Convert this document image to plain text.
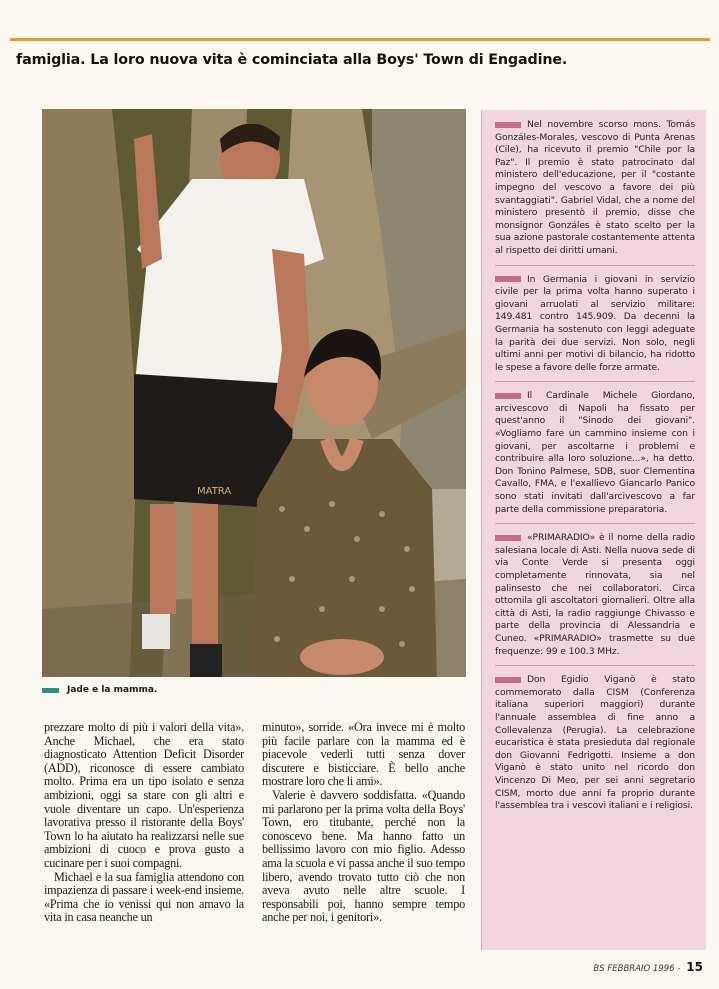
famiglia. La loro nuova vita è cominciata alla Boys' Town di Engadine.
MATRA
Jade e la mamma.

prezzare molto di più i valori della vita». Anche Michael, che era stato diagnosticato Attention Deficit Disorder (ADD), riconosce di essere cambiato molto. Prima era un tipo isolato e senza ambizioni, oggi sa stare con gli altri e vuole diventare un capo. Un'esperienza lavorativa presso il ristorante della Boys' Town lo ha aiutato ha realizzarsi nelle sue ambizioni di cuoco e prova gusto a cucinare per i suoi compagni.

Michael e la sua famiglia attendono con impazienza di passare i week-end insieme. «Prima che io venissi qui non amavo la vita in casa neanche un

minuto», sorride. «Ora invece mi è molto più facile parlare con la mamma ed è piacevole vederli tutti senza dover discutere e bisticciare. È bello anche mostrare loro che li ami».

Valerie è davvero soddisfatta. «Quando mi parlarono per la prima volta della Boys' Town, ero titubante, perché non la conoscevo bene. Ma hanno fatto un bellissimo lavoro con mio figlio. Adesso ama la scuola e vi passa anche il suo tempo libero, avendo trovato tutto ciò che non aveva avuto nelle altre scuole. I responsabili poi, hanno sempre tempo anche per noi, i genitori».

Nel novembre scorso mons. Tomás Gonzáles-Morales, vescovo di Punta Arenas (Cile), ha ricevuto il premio "Chile por la Paz". Il premio è stato patrocinato dal ministero dell'educazione, per il "costante impegno del vescovo a favore dei più svantaggiati". Gabriel Vidal, che a nome del ministero presentò il premio, disse che monsignor Gonzáles è stato scelto per la sua azione pastorale costantemente attenta al rispetto dei diritti umani.
In Germania i giovani in servizio civile per la prima volta hanno superato i giovani arruolati al servizio militare: 149.481 contro 145.909. Da decenni la Germania ha sostenuto con leggi adeguate la parità dei due servizi. Non solo, negli ultimi anni per motivi di bilancio, ha ridotto le spese a favore delle forze armate.
Il Cardinale Michele Giordano, arcivescovo di Napoli ha fissato per quest'anno il "Sinodo dei giovani". «Vogliamo fare un cammino insieme con i giovani, per ascoltarne i problemi e contribuire alla loro soluzione...», ha detto. Don Tonino Palmese, SDB, suor Clementina Cavallo, FMA, e l'exallievo Giancarlo Panico sono stati invitati dall'arcivescovo a far parte della commissione preparatoria.
«PRIMARADIO» è il nome della radio salesiana locale di Asti. Nella nuova sede di via Conte Verde si presenta oggi completamente rinnovata, sia nel palinsesto che nei collaboratori. Circa ottomila gli ascoltatori giornalieri. Oltre alla città di Asti, la radio raggiunge Chivasso e parte della provincia di Alessandria e Cuneo. «PRIMARADIO» trasmette su due frequenze: 99 e 100.3 MHz.
Don Egidio Viganò è stato commemorato dalla CISM (Conferenza italiana superiori maggiori) durante l'annuale assemblea di fine anno a Collevalenza (Perugia). La celebrazione eucaristica è stata presieduta dal regionale don Giovanni Fedrigotti. Insieme a don Viganò è stato unito nel ricordo don Vincenzo Di Meo, per sei anni segretario CISM, morto due anni fa proprio durante l'assemblea tra i vescovi italiani e i religiosi.
BS FEBBRAIO 1996 - 15
